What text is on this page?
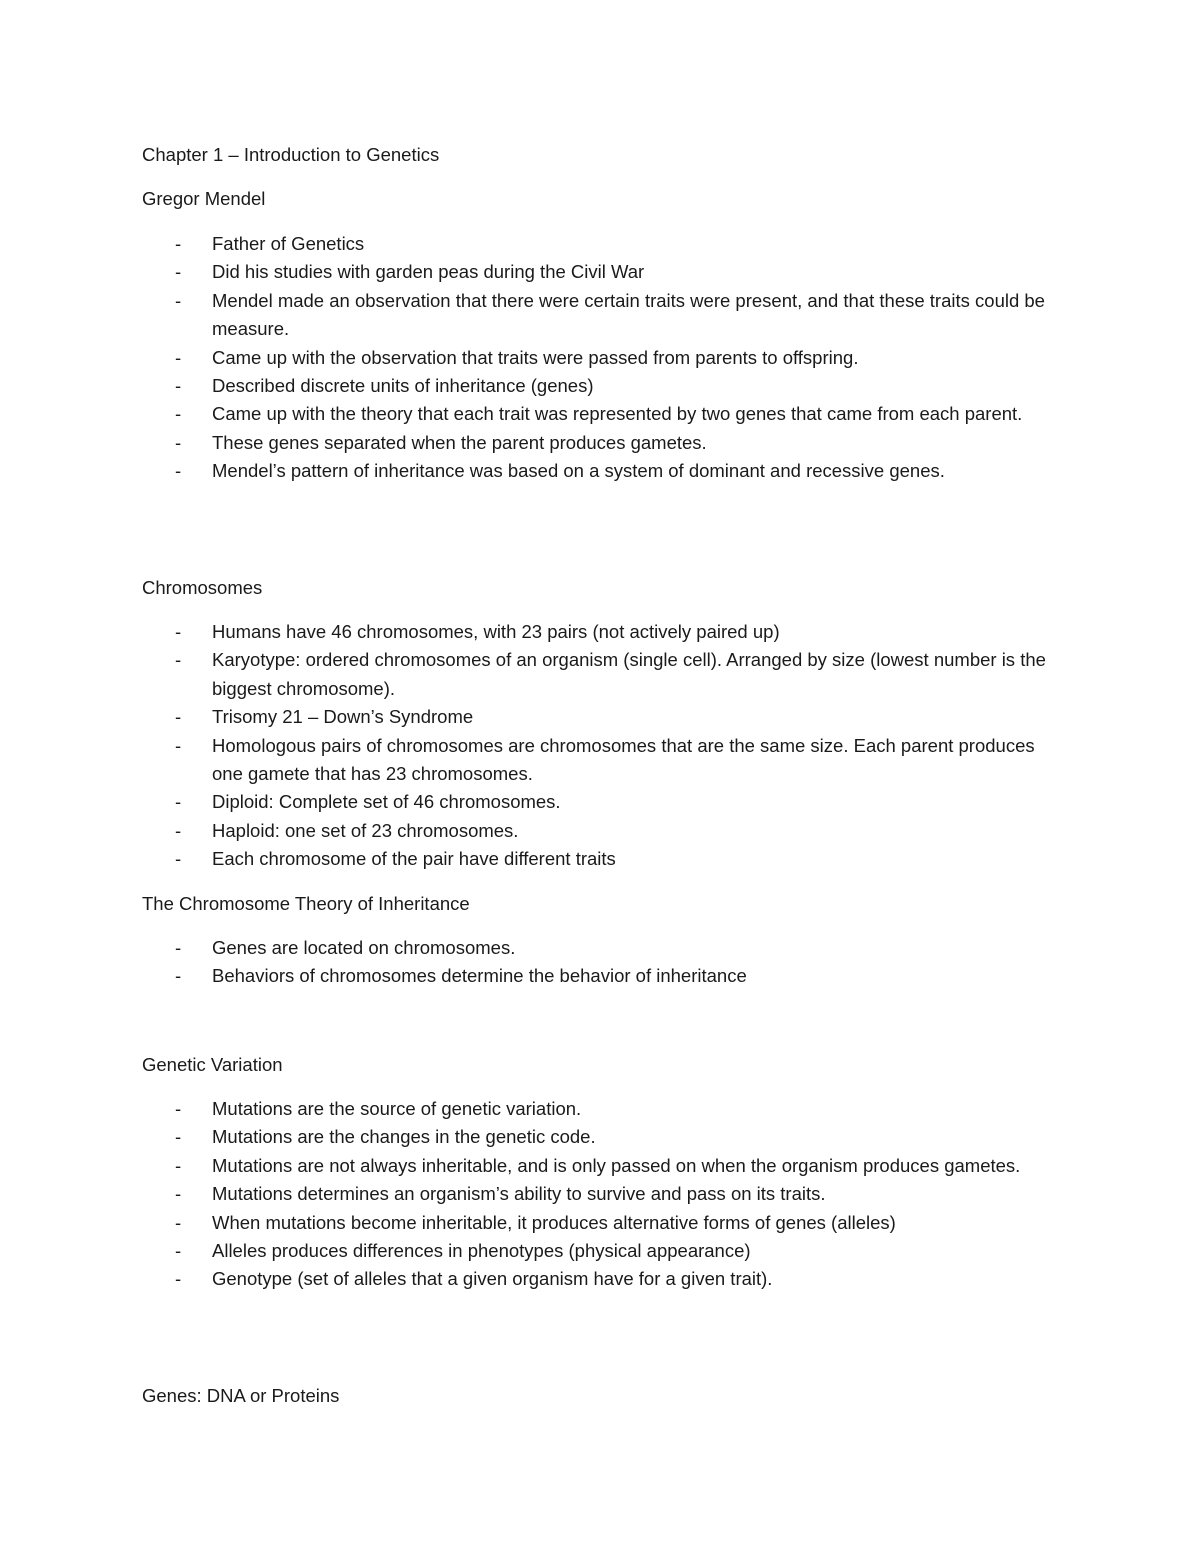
Chapter 1 – Introduction to Genetics
Gregor Mendel
- Father of Genetics
- Did his studies with garden peas during the Civil War
- Mendel made an observation that there were certain traits were present, and that these traits could be measure.
- Came up with the observation that traits were passed from parents to offspring.
- Described discrete units of inheritance (genes)
- Came up with the theory that each trait was represented by two genes that came from each parent.
- These genes separated when the parent produces gametes.
- Mendel’s pattern of inheritance was based on a system of dominant and recessive genes.
Chromosomes
- Humans have 46 chromosomes, with 23 pairs (not actively paired up)
- Karyotype: ordered chromosomes of an organism (single cell). Arranged by size (lowest number is the biggest chromosome).
- Trisomy 21 – Down’s Syndrome
- Homologous pairs of chromosomes are chromosomes that are the same size. Each parent produces one gamete that has 23 chromosomes.
- Diploid: Complete set of 46 chromosomes.
- Haploid: one set of 23 chromosomes.
- Each chromosome of the pair have different traits
The Chromosome Theory of Inheritance
- Genes are located on chromosomes.
- Behaviors of chromosomes determine the behavior of inheritance
Genetic Variation
- Mutations are the source of genetic variation.
- Mutations are the changes in the genetic code.
- Mutations are not always inheritable, and is only passed on when the organism produces gametes.
- Mutations determines an organism’s ability to survive and pass on its traits.
- When mutations become inheritable, it produces alternative forms of genes (alleles)
- Alleles produces differences in phenotypes (physical appearance)
- Genotype (set of alleles that a given organism have for a given trait).
Genes: DNA or Proteins
